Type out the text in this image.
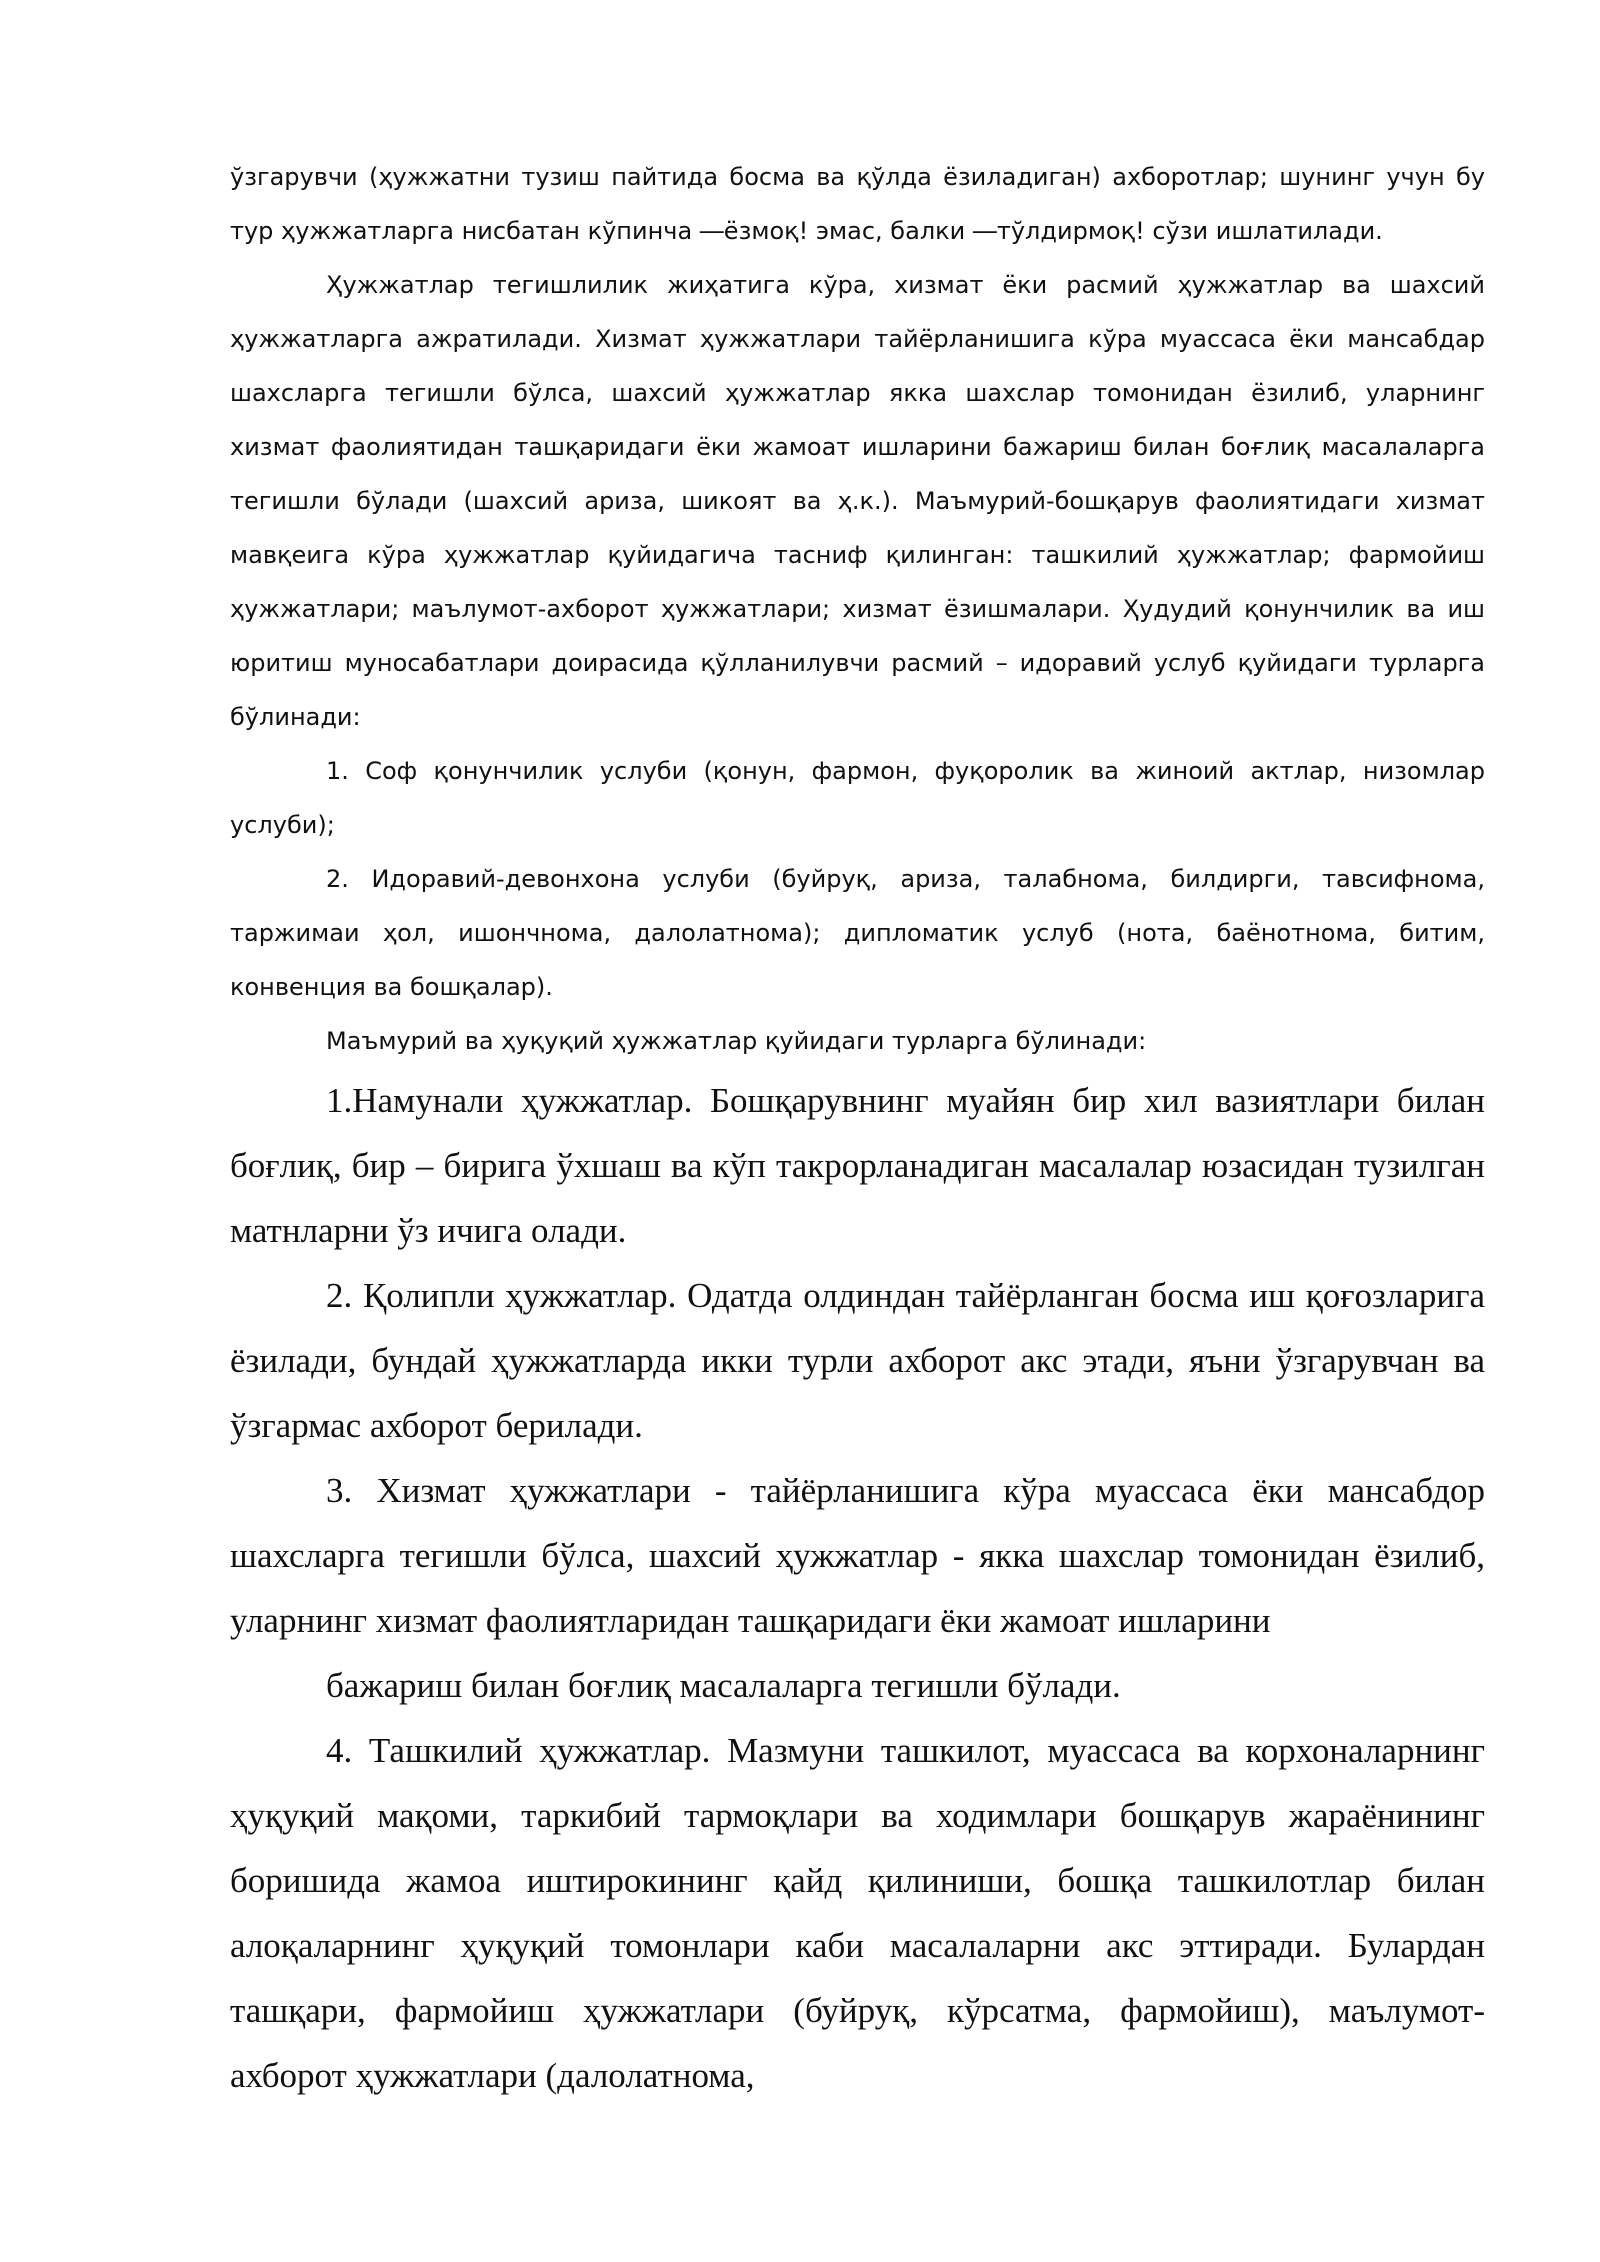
ўзгарувчи (ҳужжатни тузиш пайтида босма ва қўлда ёзиладиган) ахборотлар; шунинг учун бу тур ҳужжатларга нисбатан кўпинча ―ёзмоқ! эмас, балки ―тўлдирмоқ! сўзи ишлатилади.

Ҳужжатлар тегишлилик жиҳатига кўра, хизмат ёки расмий ҳужжатлар ва шахсий ҳужжатларга ажратилади. Хизмат ҳужжатлари тайёрланишига кўра муассаса ёки мансабдар шахсларга тегишли бўлса, шахсий ҳужжатлар якка шахслар томонидан ёзилиб, уларнинг хизмат фаолиятидан ташқаридаги ёки жамоат ишларини бажариш билан боғлиқ масалаларга тегишли бўлади (шахсий ариза, шикоят ва ҳ.к.). Маъмурий-бошқарув фаолиятидаги хизмат мавқеига кўра ҳужжатлар қуйидагича тасниф қилинган: ташкилий ҳужжатлар; фармойиш ҳужжатлари; маълумот-ахборот ҳужжатлари; хизмат ёзишмалари. Ҳудудий қонунчилик ва иш юритиш муносабатлари доирасида қўлланилувчи расмий – идоравий услуб қуйидаги турларга бўлинади:

1. Соф қонунчилик услуби (қонун, фармон, фуқоролик ва жиноий актлар, низомлар услуби);

2. Идоравий-девонхона услуби (буйруқ, ариза, талабнома, билдирги, тавсифнома, таржимаи ҳол, ишончнома, далолатнома); дипломатик услуб (нота, баёнотнома, битим, конвенция ва бошқалар).

Маъмурий ва ҳуқуқий ҳужжатлар қуйидаги турларга бўлинади:

1.Намунали ҳужжатлар. Бошқарувнинг муайян бир хил вазиятлари билан боғлиқ, бир – бирига ўхшаш ва кўп такрорланадиган масалалар юзасидан тузилган матнларни ўз ичига олади.

2. Қолипли ҳужжатлар. Одатда олдиндан тайёрланган босма иш қоғозларига ёзилади, бундай ҳужжатларда икки турли ахборот акс этади, яъни ўзгарувчан ва ўзгармас ахборот берилади.

3. Хизмат ҳужжатлари - тайёрланишига кўра муассаса ёки мансабдор шахсларга тегишли бўлса, шахсий ҳужжатлар - якка шахслар томонидан ёзилиб, уларнинг хизмат фаолиятларидан ташқаридаги ёки жамоат ишларини

бажариш билан боғлиқ масалаларга тегишли бўлади.

4. Ташкилий ҳужжатлар. Мазмуни ташкилот, муассаса ва корхоналарнинг ҳуқуқий мақоми, таркибий тармоқлари ва ходимлари бошқарув жараёнининг боришида жамоа иштирокининг қайд қилиниши, бошқа ташкилотлар билан алоқаларнинг ҳуқуқий томонлари каби масалаларни акс эттиради. Булардан ташқари, фармойиш ҳужжатлари (буйруқ, кўрсатма, фармойиш), маълумот- ахборот ҳужжатлари (далолатнома,
